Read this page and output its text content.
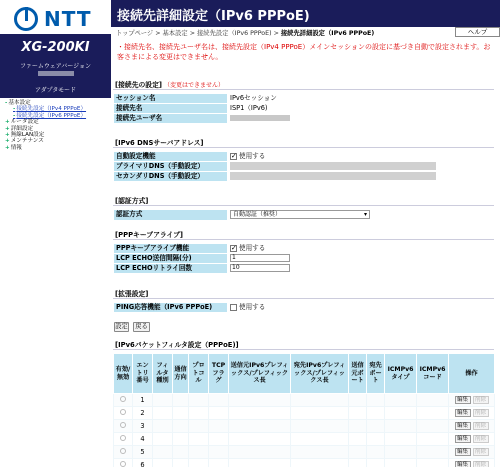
NTT
XG-200KI
ファームウェアバージョン
アダプタモード
-基本設定
-接続先設定（IPv4 PPPoE）
-接続先設定（IPv6 PPPoE）
+ルータ設定
+詳細設定
+無線LAN設定
+メンテナンス
+情報
接続先詳細設定（IPv6 PPPoE)
ヘルプ
トップページ > 基本設定 > 接続先設定（IPv6 PPPoE) > 接続先詳細設定（IPv6 PPPoE)
・接続先名、接続先ユーザ名は、接続先設定（IPv4 PPPoE）メインセッションの設定に基づき自動で設定されます。お客さまによる変更はできません。
[接続先の設定] （変更はできません）
セッション名	IPv6セッション
接続先名	ISP1（IPv6)
接続先ユーザ名	
[IPv6 DNSサーバアドレス]
自動設定機能	✓使用する
プライマリDNS（手動設定）	
セカンダリDNS（手動設定）	
[認証方式]
認証方式	自動認証（推奨） ▾
[PPPキープアライブ]
PPPキープアライブ機能	✓使用する
LCP ECHO送信間隔(分)	1
LCP ECHOリトライ回数	10
[拡張設定]
PING応答機能（IPv6 PPPoE)	使用する
設定	戻る
[IPv6パケットフィルタ設定（PPPoE)]
有効/無効	エントリ番号	フィルタ種別	通信方向	プロトコル	TCPフラグ	送信元IPv6プレフィックス/プレフィックス長	宛先IPv6プレフィックス/プレフィックス長	送信元ポート	宛先ポート	ICMPv6タイプ	ICMPv6コード	操作
	1											編集 削除
	2											編集 削除
	3											編集 削除
	4											編集 削除
	5											編集 削除
	6											編集 削除
